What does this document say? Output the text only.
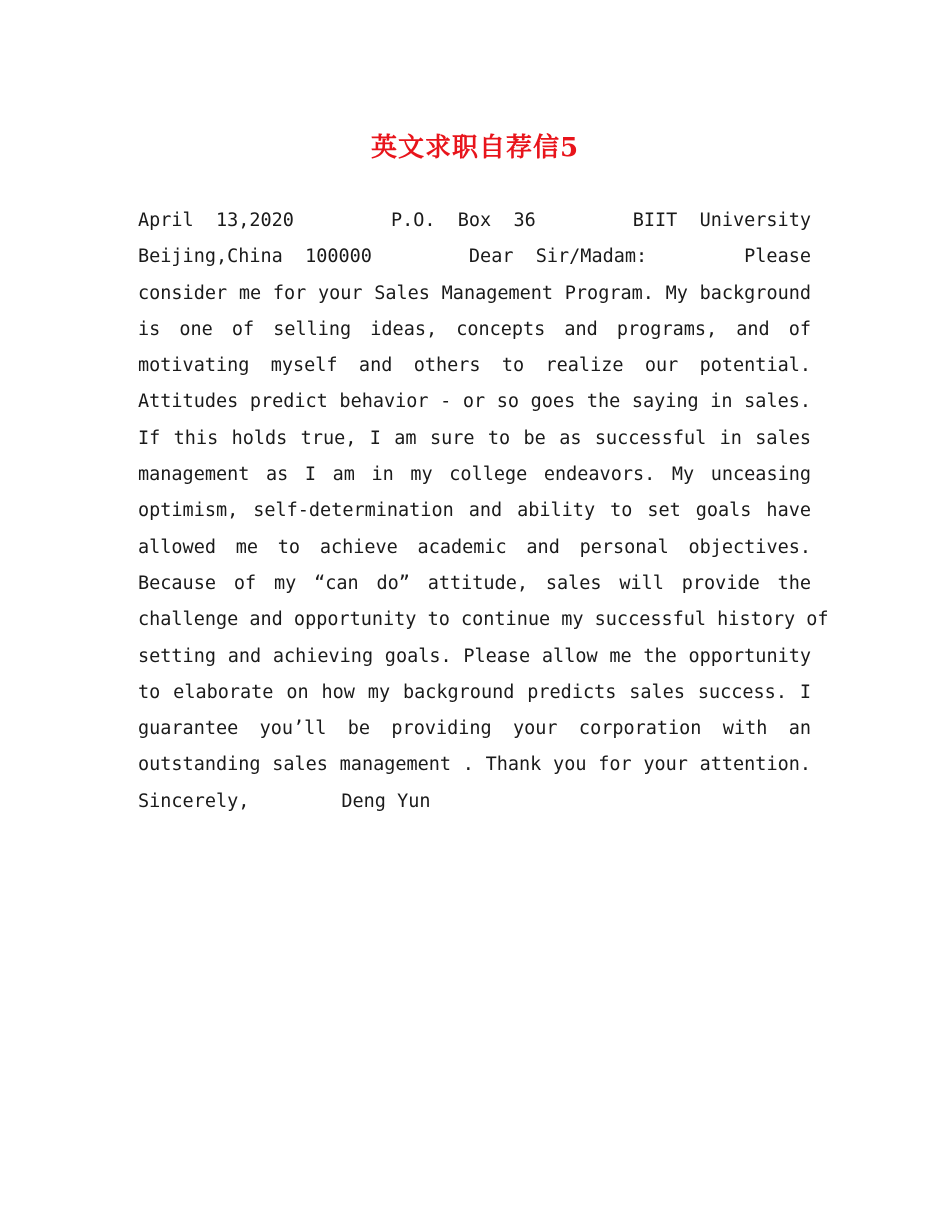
英文求职自荐信5
April  13,2020	P.O.  Box  36	BIIT  University
Beijing,China  100000	Dear  Sir/Madam:	Please
consider me for your Sales Management Program. My background
is one of selling ideas, concepts and programs, and of
motivating myself and others to realize our potential.
Attitudes predict behavior - or so goes the saying in sales.
If this holds true, I am sure to be as successful in sales
management as I am in my college endeavors. My unceasing
optimism, self-determination and ability to set goals have
allowed me to achieve academic and personal objectives.
Because of my “can do” attitude, sales will provide the
challenge and opportunity to continue my successful history of
setting and achieving goals. Please allow me the opportunity
to elaborate on how my background predicts sales success. I
guarantee you’ll be providing your corporation with an
outstanding sales management . Thank you for your attention.
Sincerely,	Deng Yun
